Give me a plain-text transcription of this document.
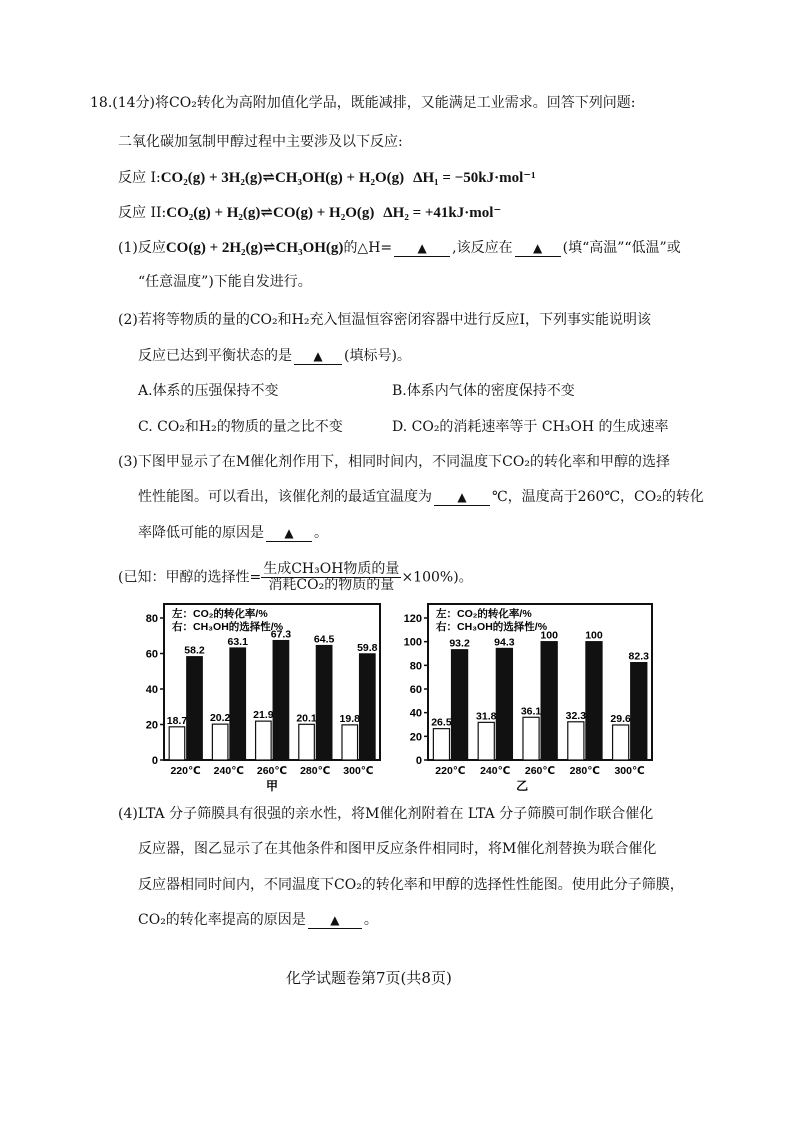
18.(14分)将CO₂转化为高附加值化学品，既能减排，又能满足工业需求。回答下列问题:
二氧化碳加氢制甲醇过程中主要涉及以下反应:
反应 I:CO₂(g) + 3H₂(g)⇌CH₃OH(g) + H₂O(g) ΔH₁ = −50kJ·mol⁻¹
反应 II:CO₂(g) + H₂(g)⇌CO(g) + H₂O(g) ΔH₂ = +41kJ·mol⁻
(1)反应CO(g) + 2H₂(g)⇌CH₃OH(g)的△H= ▲ ,该反应在 ▲ (填“高温”“低温”或
“任意温度”)下能自发进行。
(2)若将等物质的量的CO₂和H₂充入恒温恒容密闭容器中进行反应I，下列事实能说明该
反应已达到平衡状态的是 ▲ (填标号)。
A.体系的压强保持不变	B.体系内气体的密度保持不变
C. CO₂和H₂的物质的量之比不变	D. CO₂的消耗速率等于 CH₃OH 的生成速率
(3)下图甲显示了在M催化剂作用下，相同时间内，不同温度下CO₂的转化率和甲醇的选择
性性能图。可以看出，该催化剂的最适宜温度为 ▲ ℃，温度高于260℃，CO₂的转化
率降低可能的原因是 ▲ 。
(已知：甲醇的选择性= $\frac{\text{生成CH₃OH物质的量}}{\text{消耗CO₂的物质的量}} \times 100\%$)。
0
20
40
60
80 左：CO₂的转化率/%
右：CH₃OH的选择性/%
18.7
58.2
220℃
20.2
63.1
240℃
21.9
67.3
260℃
20.1
64.5
280℃
19.8
59.8
300℃
甲
0
20
40
60
80
100
120 左：CO₂的转化率/%
右：CH₃OH的选择性/%
26.5
93.2
220℃
31.8
94.3
240℃
36.1
100
260℃
32.3
100
280℃
29.6
82.3
300℃
乙
(4)LTA 分子筛膜具有很强的亲水性，将M催化剂附着在 LTA 分子筛膜可制作联合催化
反应器，图乙显示了在其他条件和图甲反应条件相同时，将M催化剂替换为联合催化
反应器相同时间内，不同温度下CO₂的转化率和甲醇的选择性性能图。使用此分子筛膜，
CO₂的转化率提高的原因是 ▲ 。
化学试题卷第7页(共8页)
